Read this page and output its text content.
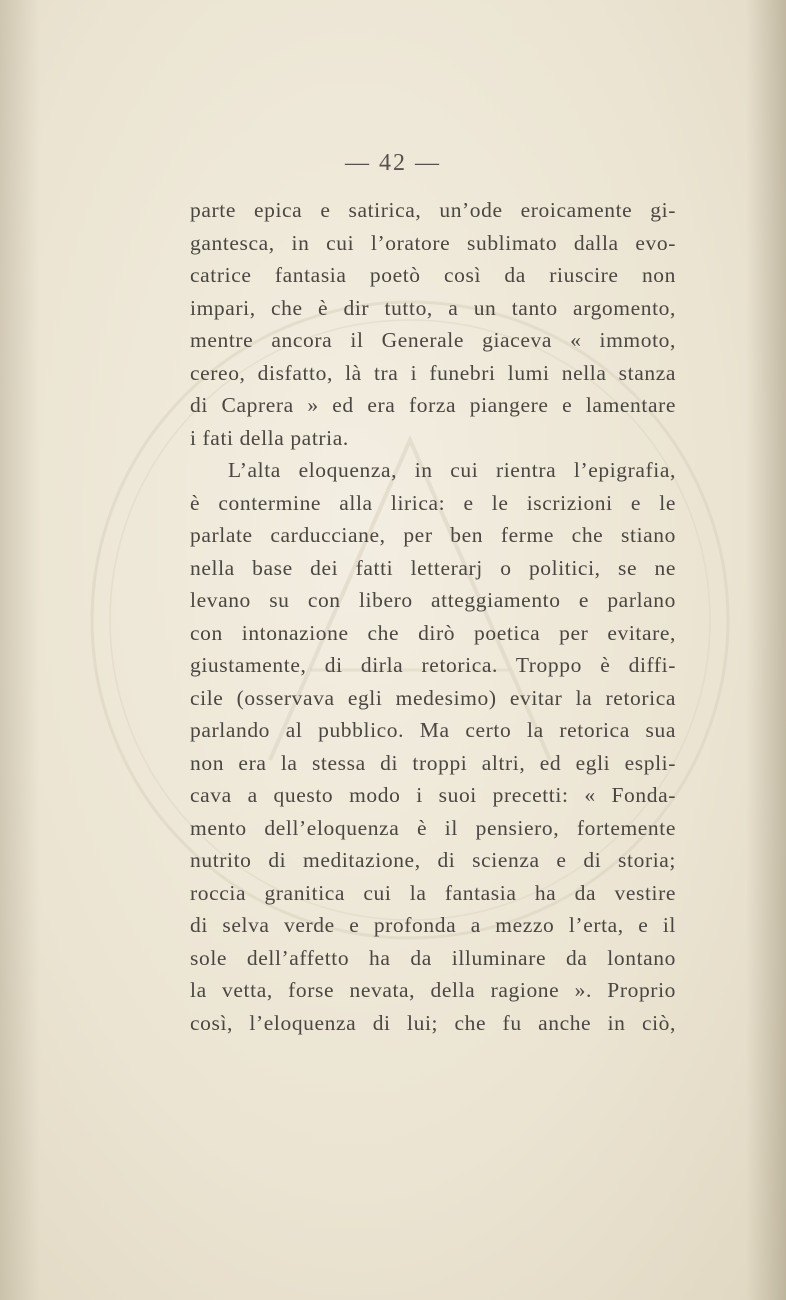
— 42 —
parte epica e satirica, un’ode eroicamente gi-
gantesca, in cui l’oratore sublimato dalla evo-
catrice fantasia poetò così da riuscire non
impari, che è dir tutto, a un tanto argomento,
mentre ancora il Generale giaceva « immoto,
cereo, disfatto, là tra i funebri lumi nella stanza
di Caprera » ed era forza piangere e lamentare
i fati della patria.
L’alta eloquenza, in cui rientra l’epigrafia,
è contermine alla lirica: e le iscrizioni e le
parlate carducciane, per ben ferme che stiano
nella base dei fatti letterarj o politici, se ne
levano su con libero atteggiamento e parlano
con intonazione che dirò poetica per evitare,
giustamente, di dirla retorica. Troppo è diffi-
cile (osservava egli medesimo) evitar la retorica
parlando al pubblico. Ma certo la retorica sua
non era la stessa di troppi altri, ed egli espli-
cava a questo modo i suoi precetti: « Fonda-
mento dell’eloquenza è il pensiero, fortemente
nutrito di meditazione, di scienza e di storia;
roccia granitica cui la fantasia ha da vestire
di selva verde e profonda a mezzo l’erta, e il
sole dell’affetto ha da illuminare da lontano
la vetta, forse nevata, della ragione ». Proprio
così, l’eloquenza di lui; che fu anche in ciò,
